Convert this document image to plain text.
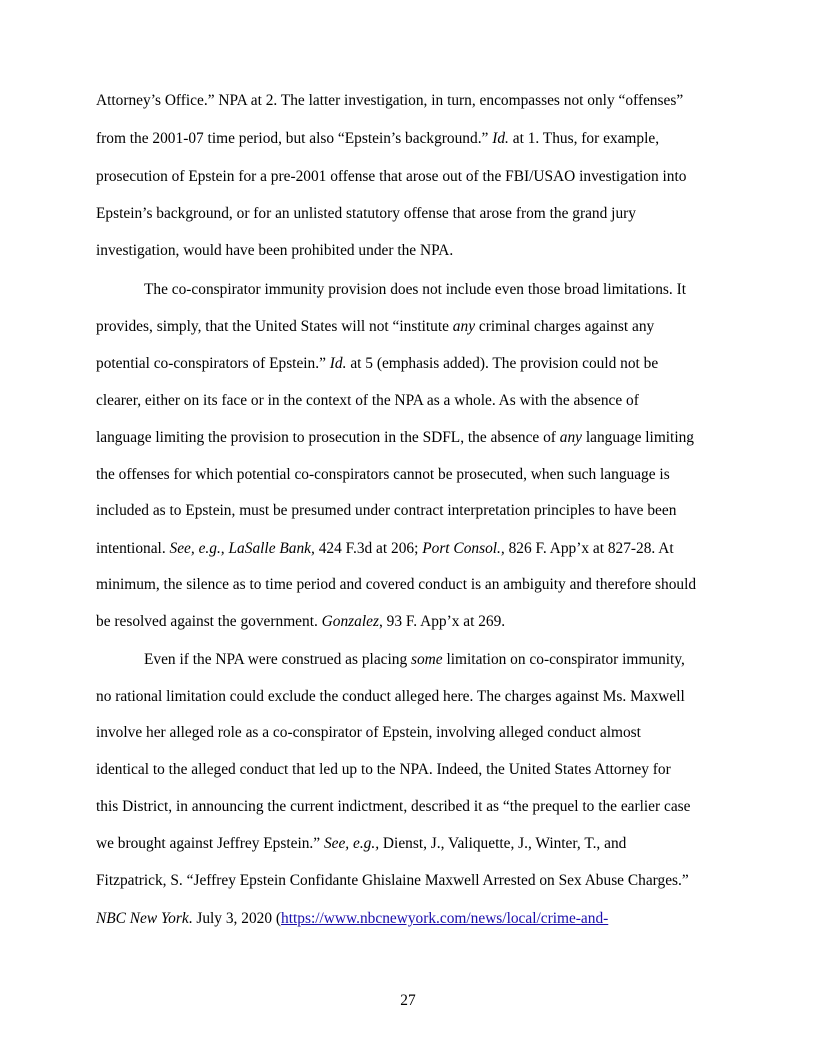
Attorney’s Office.” NPA at 2. The latter investigation, in turn, encompasses not only “offenses”
from the 2001-07 time period, but also “Epstein’s background.” Id. at 1. Thus, for example,
prosecution of Epstein for a pre-2001 offense that arose out of the FBI/USAO investigation into
Epstein’s background, or for an unlisted statutory offense that arose from the grand jury
investigation, would have been prohibited under the NPA.
The co-conspirator immunity provision does not include even those broad limitations. It
provides, simply, that the United States will not “institute any criminal charges against any
potential co-conspirators of Epstein.” Id. at 5 (emphasis added). The provision could not be
clearer, either on its face or in the context of the NPA as a whole. As with the absence of
language limiting the provision to prosecution in the SDFL, the absence of any language limiting
the offenses for which potential co-conspirators cannot be prosecuted, when such language is
included as to Epstein, must be presumed under contract interpretation principles to have been
intentional. See, e.g., LaSalle Bank, 424 F.3d at 206; Port Consol., 826 F. App’x at 827-28. At
minimum, the silence as to time period and covered conduct is an ambiguity and therefore should
be resolved against the government. Gonzalez, 93 F. App’x at 269.
Even if the NPA were construed as placing some limitation on co-conspirator immunity,
no rational limitation could exclude the conduct alleged here. The charges against Ms. Maxwell
involve her alleged role as a co-conspirator of Epstein, involving alleged conduct almost
identical to the alleged conduct that led up to the NPA. Indeed, the United States Attorney for
this District, in announcing the current indictment, described it as “the prequel to the earlier case
we brought against Jeffrey Epstein.” See, e.g., Dienst, J., Valiquette, J., Winter, T., and
Fitzpatrick, S. “Jeffrey Epstein Confidante Ghislaine Maxwell Arrested on Sex Abuse Charges.”
NBC New York. July 3, 2020 (https://www.nbcnewyork.com/news/local/crime-and-
27
